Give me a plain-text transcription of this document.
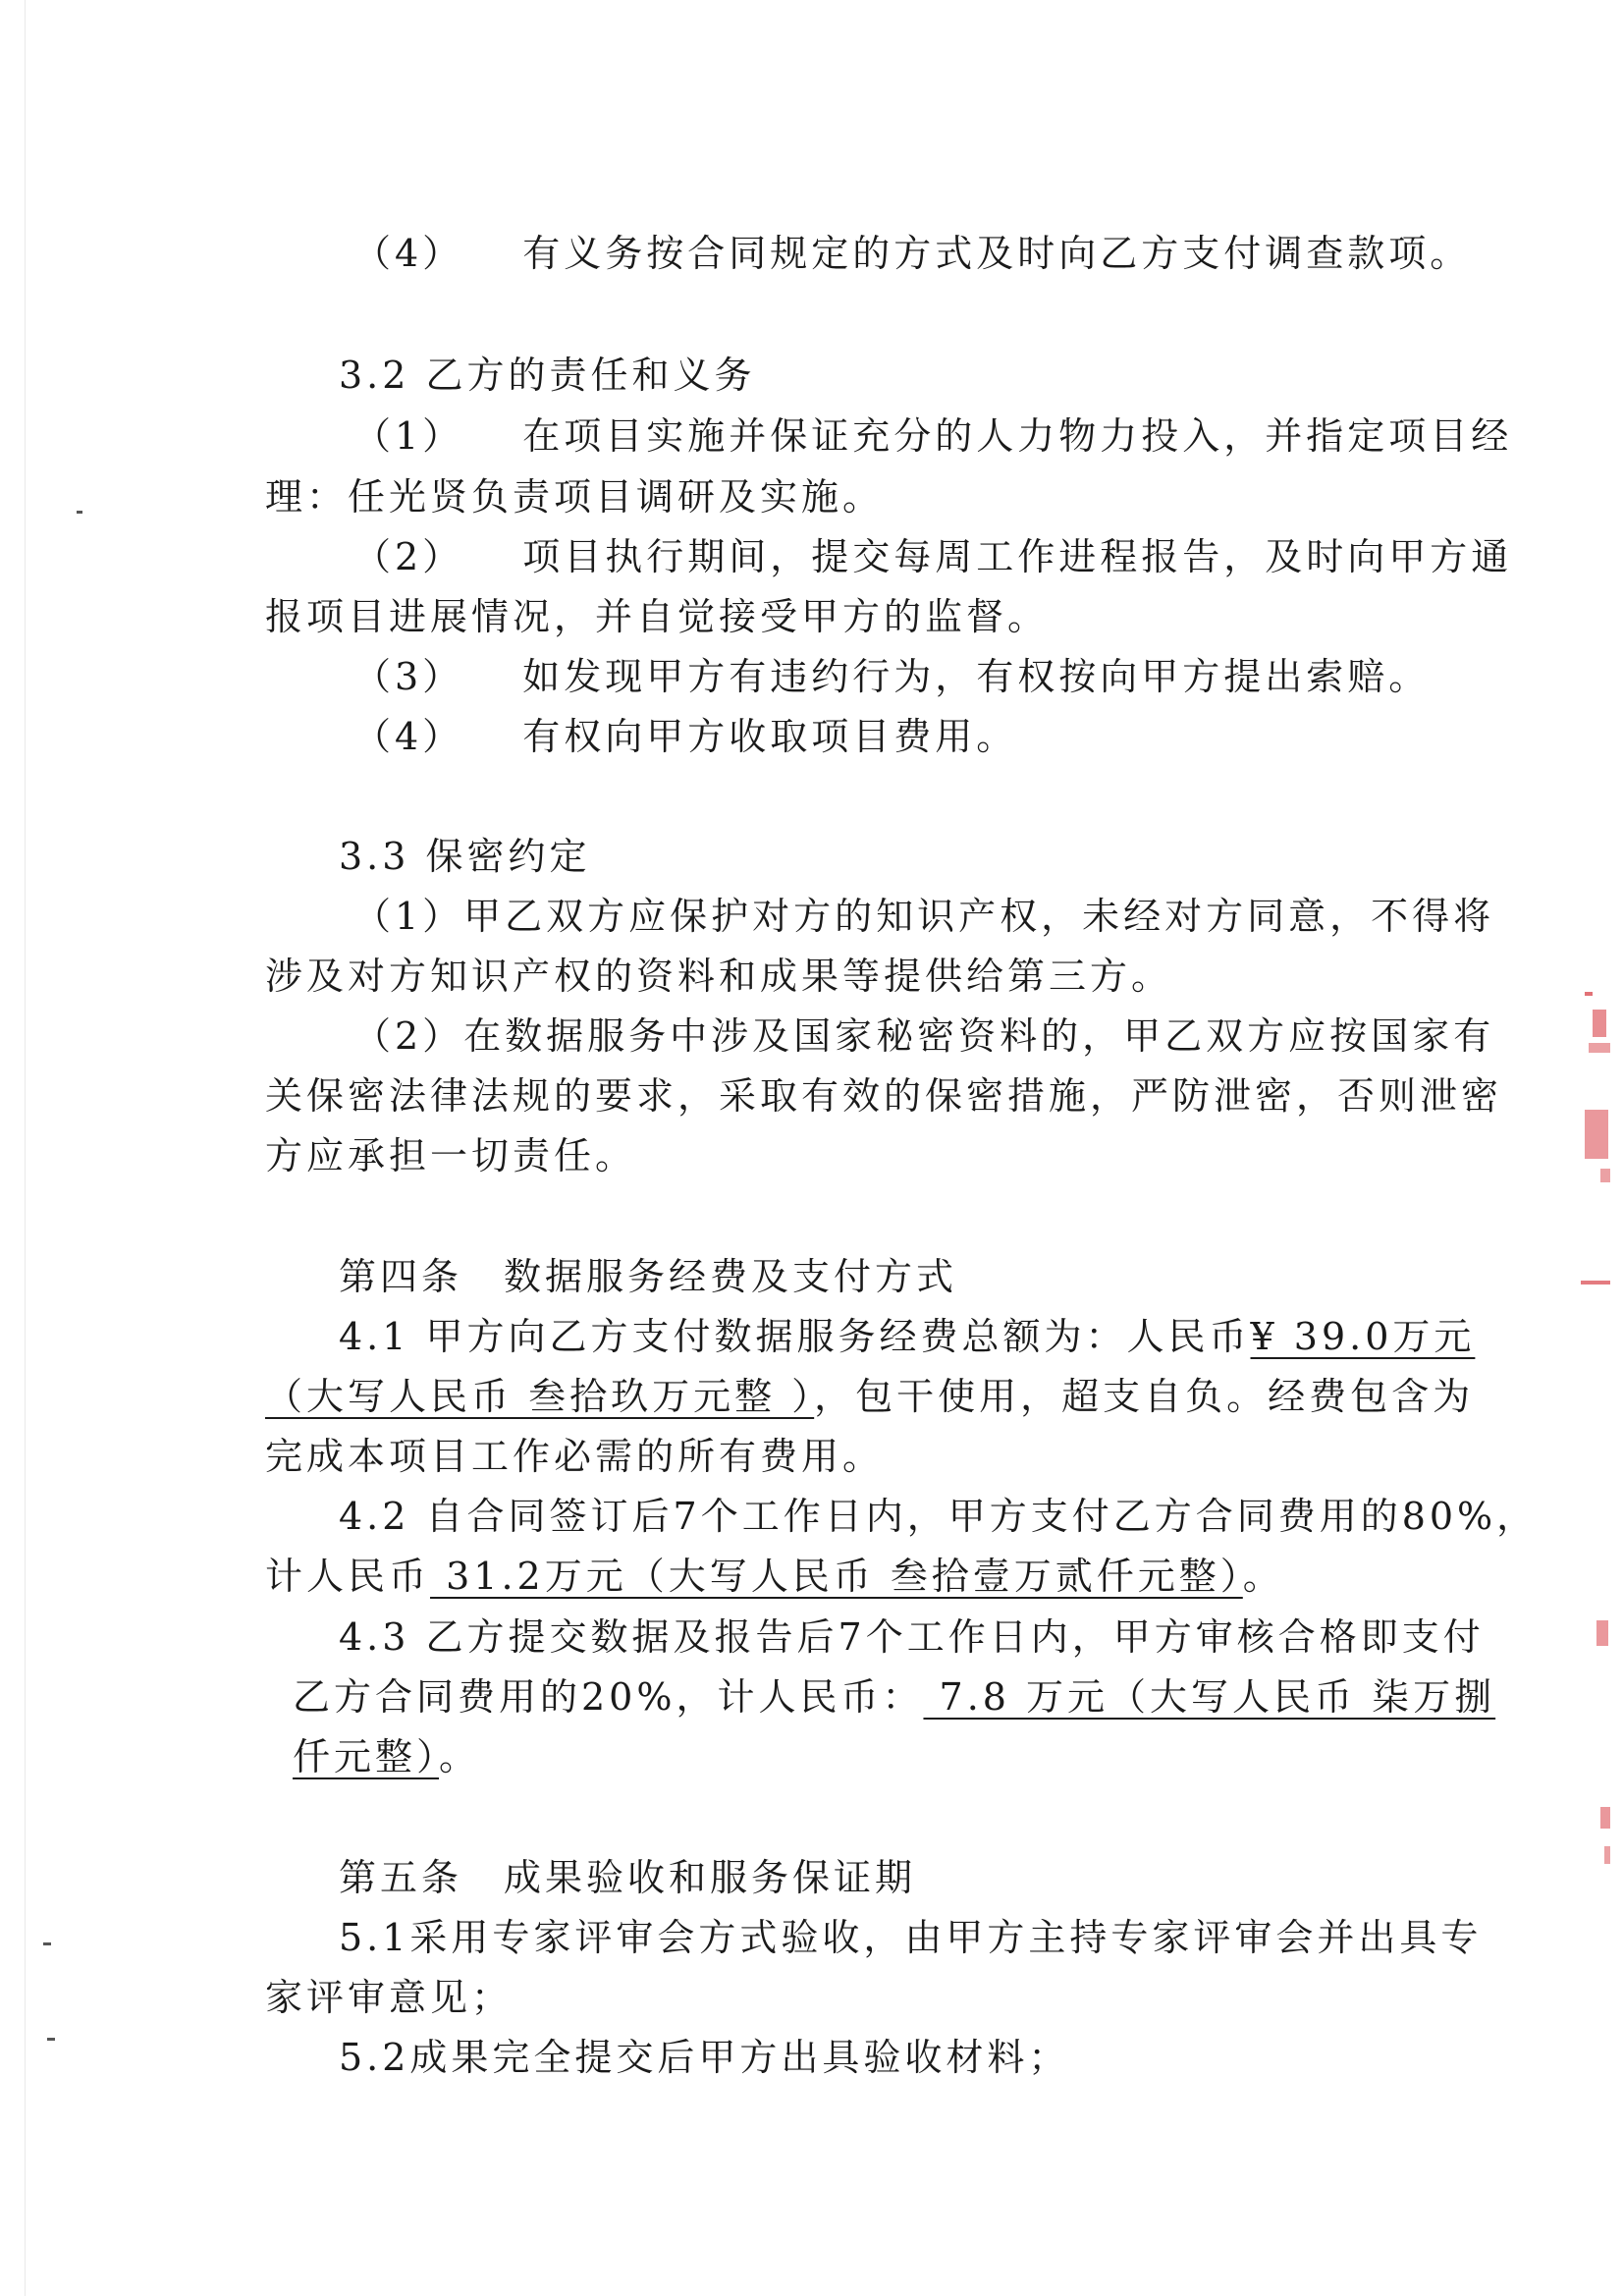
（4） 有义务按合同规定的方式及时向乙方支付调查款项。
3.2 乙方的责任和义务
（1） 在项目实施并保证充分的人力物力投入，并指定项目经
理：任光贤负责项目调研及实施。
（2） 项目执行期间，提交每周工作进程报告，及时向甲方通
报项目进展情况，并自觉接受甲方的监督。
（3） 如发现甲方有违约行为，有权按向甲方提出索赔。
（4） 有权向甲方收取项目费用。
3.3 保密约定
（1）甲乙双方应保护对方的知识产权，未经对方同意，不得将
涉及对方知识产权的资料和成果等提供给第三方。
（2）在数据服务中涉及国家秘密资料的，甲乙双方应按国家有
关保密法律法规的要求，采取有效的保密措施，严防泄密，否则泄密
方应承担一切责任。
第四条　数据服务经费及支付方式
4.1 甲方向乙方支付数据服务经费总额为：人民币¥ 39.0万元
（大写人民币 叁拾玖万元整 ），包干使用，超支自负。经费包含为
完成本项目工作必需的所有费用。
4.2 自合同签订后7个工作日内，甲方支付乙方合同费用的80%，
计人民币 31.2万元（大写人民币 叁拾壹万贰仟元整）。
4.3 乙方提交数据及报告后7个工作日内，甲方审核合格即支付
乙方合同费用的20%，计人民币： 7.8 万元（大写人民币 柒万捌
仟元整）。
第五条　成果验收和服务保证期
5.1采用专家评审会方式验收，由甲方主持专家评审会并出具专
家评审意见；
5.2成果完全提交后甲方出具验收材料；
